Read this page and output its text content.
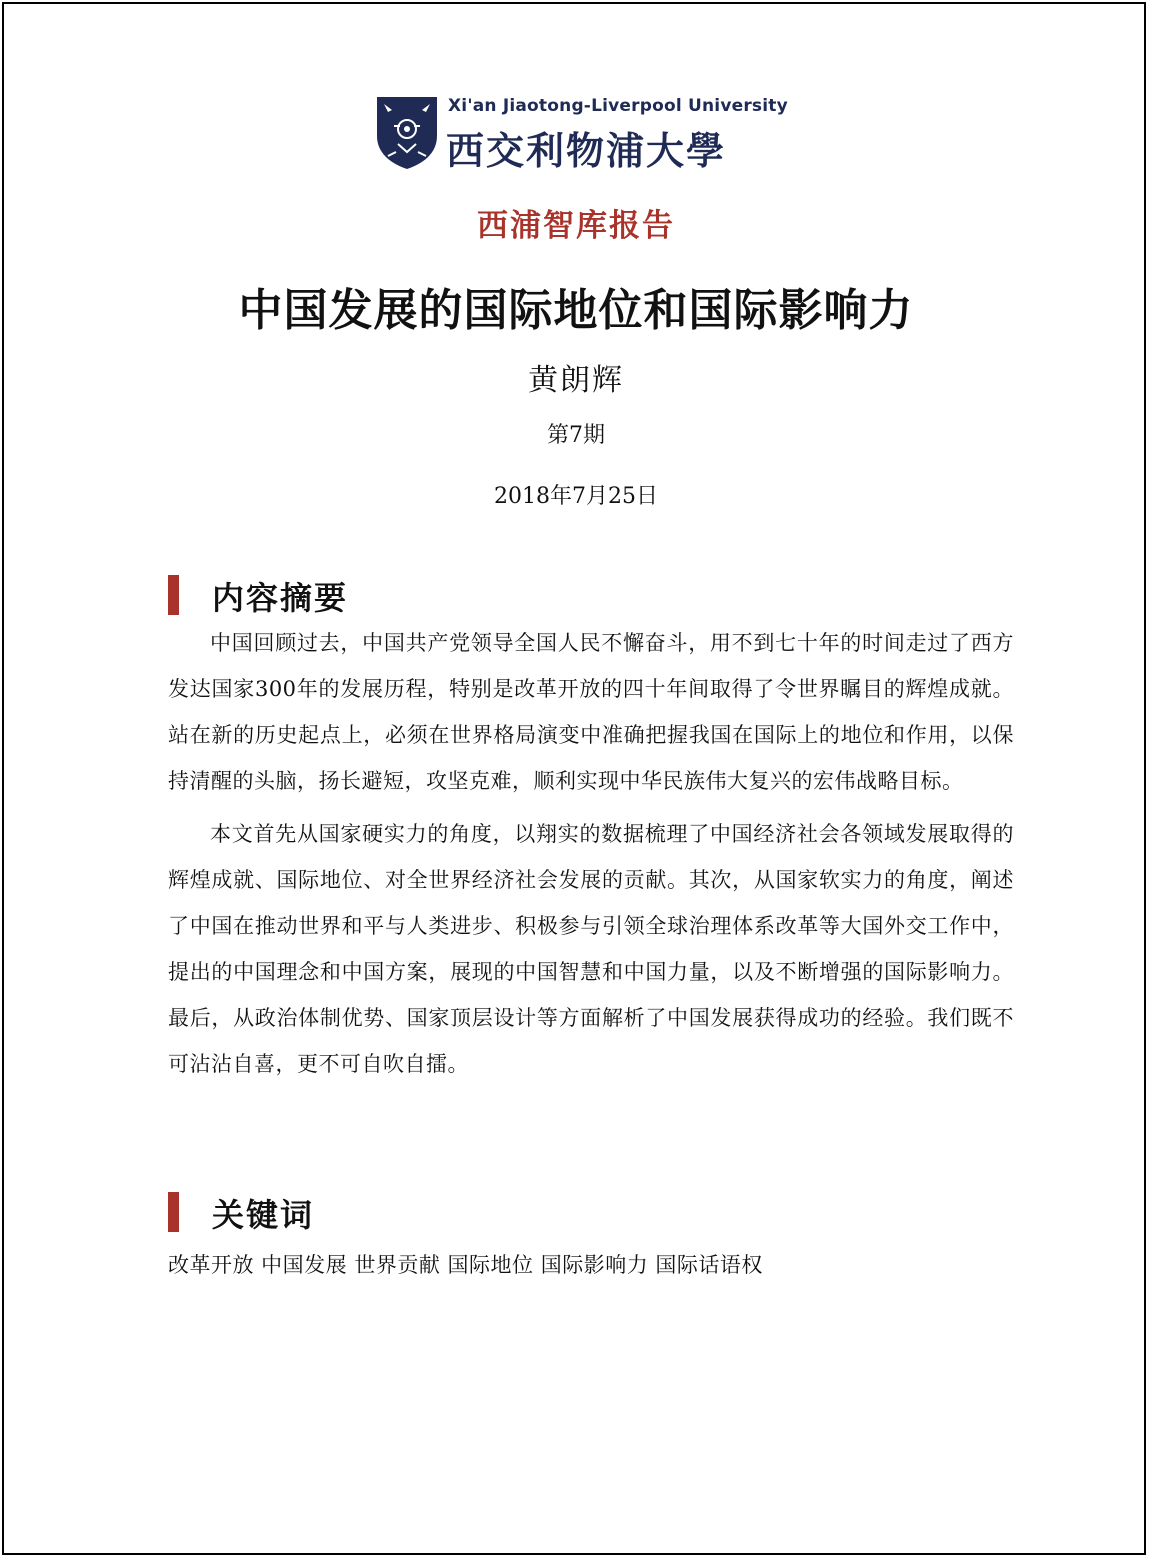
Xi'an Jiaotong-Liverpool University
西交利物浦大學
西浦智库报告
中国发展的国际地位和国际影响力
黄朗辉
第7期
2018年7月25日
内容摘要

中国回顾过去，中国共产党领导全国人民不懈奋斗，用不到七十年的时间走过了西方发达国家300年的发展历程，特别是改革开放的四十年间取得了令世界瞩目的辉煌成就。站在新的历史起点上，必须在世界格局演变中准确把握我国在国际上的地位和作用，以保持清醒的头脑，扬长避短，攻坚克难，顺利实现中华民族伟大复兴的宏伟战略目标。

本文首先从国家硬实力的角度，以翔实的数据梳理了中国经济社会各领域发展取得的辉煌成就、国际地位、对全世界经济社会发展的贡献。其次，从国家软实力的角度，阐述了中国在推动世界和平与人类进步、积极参与引领全球治理体系改革等大国外交工作中，提出的中国理念和中国方案，展现的中国智慧和中国力量，以及不断增强的国际影响力。最后，从政治体制优势、国家顶层设计等方面解析了中国发展获得成功的经验。我们既不可沾沾自喜，更不可自吹自擂。

关键词
改革开放 中国发展 世界贡献 国际地位 国际影响力 国际话语权
